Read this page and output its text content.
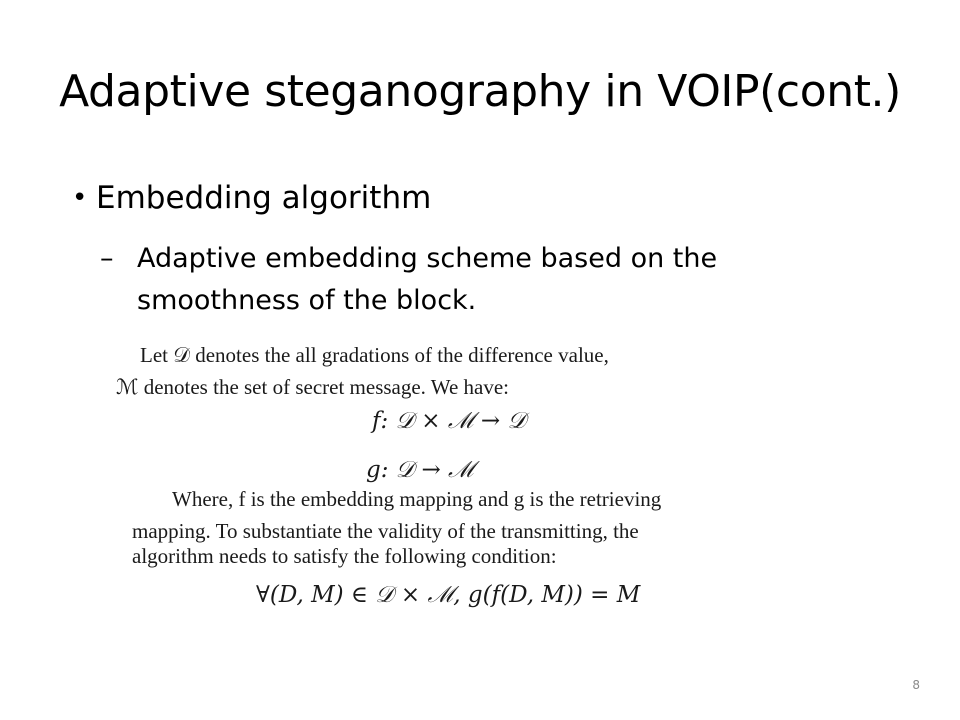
Adaptive steganography in VOIP(cont.)
• Embedding algorithm
– Adaptive embedding scheme based on the smoothness of the block.
Let 𝒟 denotes the all gradations of the difference value,
ℳ denotes the set of secret message. We have:
f: 𝒟 × ℳ → 𝒟
g: 𝒟 → ℳ
Where, f is the embedding mapping and g is the retrieving
mapping. To substantiate the validity of the transmitting, the
algorithm needs to satisfy the following condition:
∀(D, M) ∈ 𝒟 × ℳ, g(f(D, M)) = M
8
